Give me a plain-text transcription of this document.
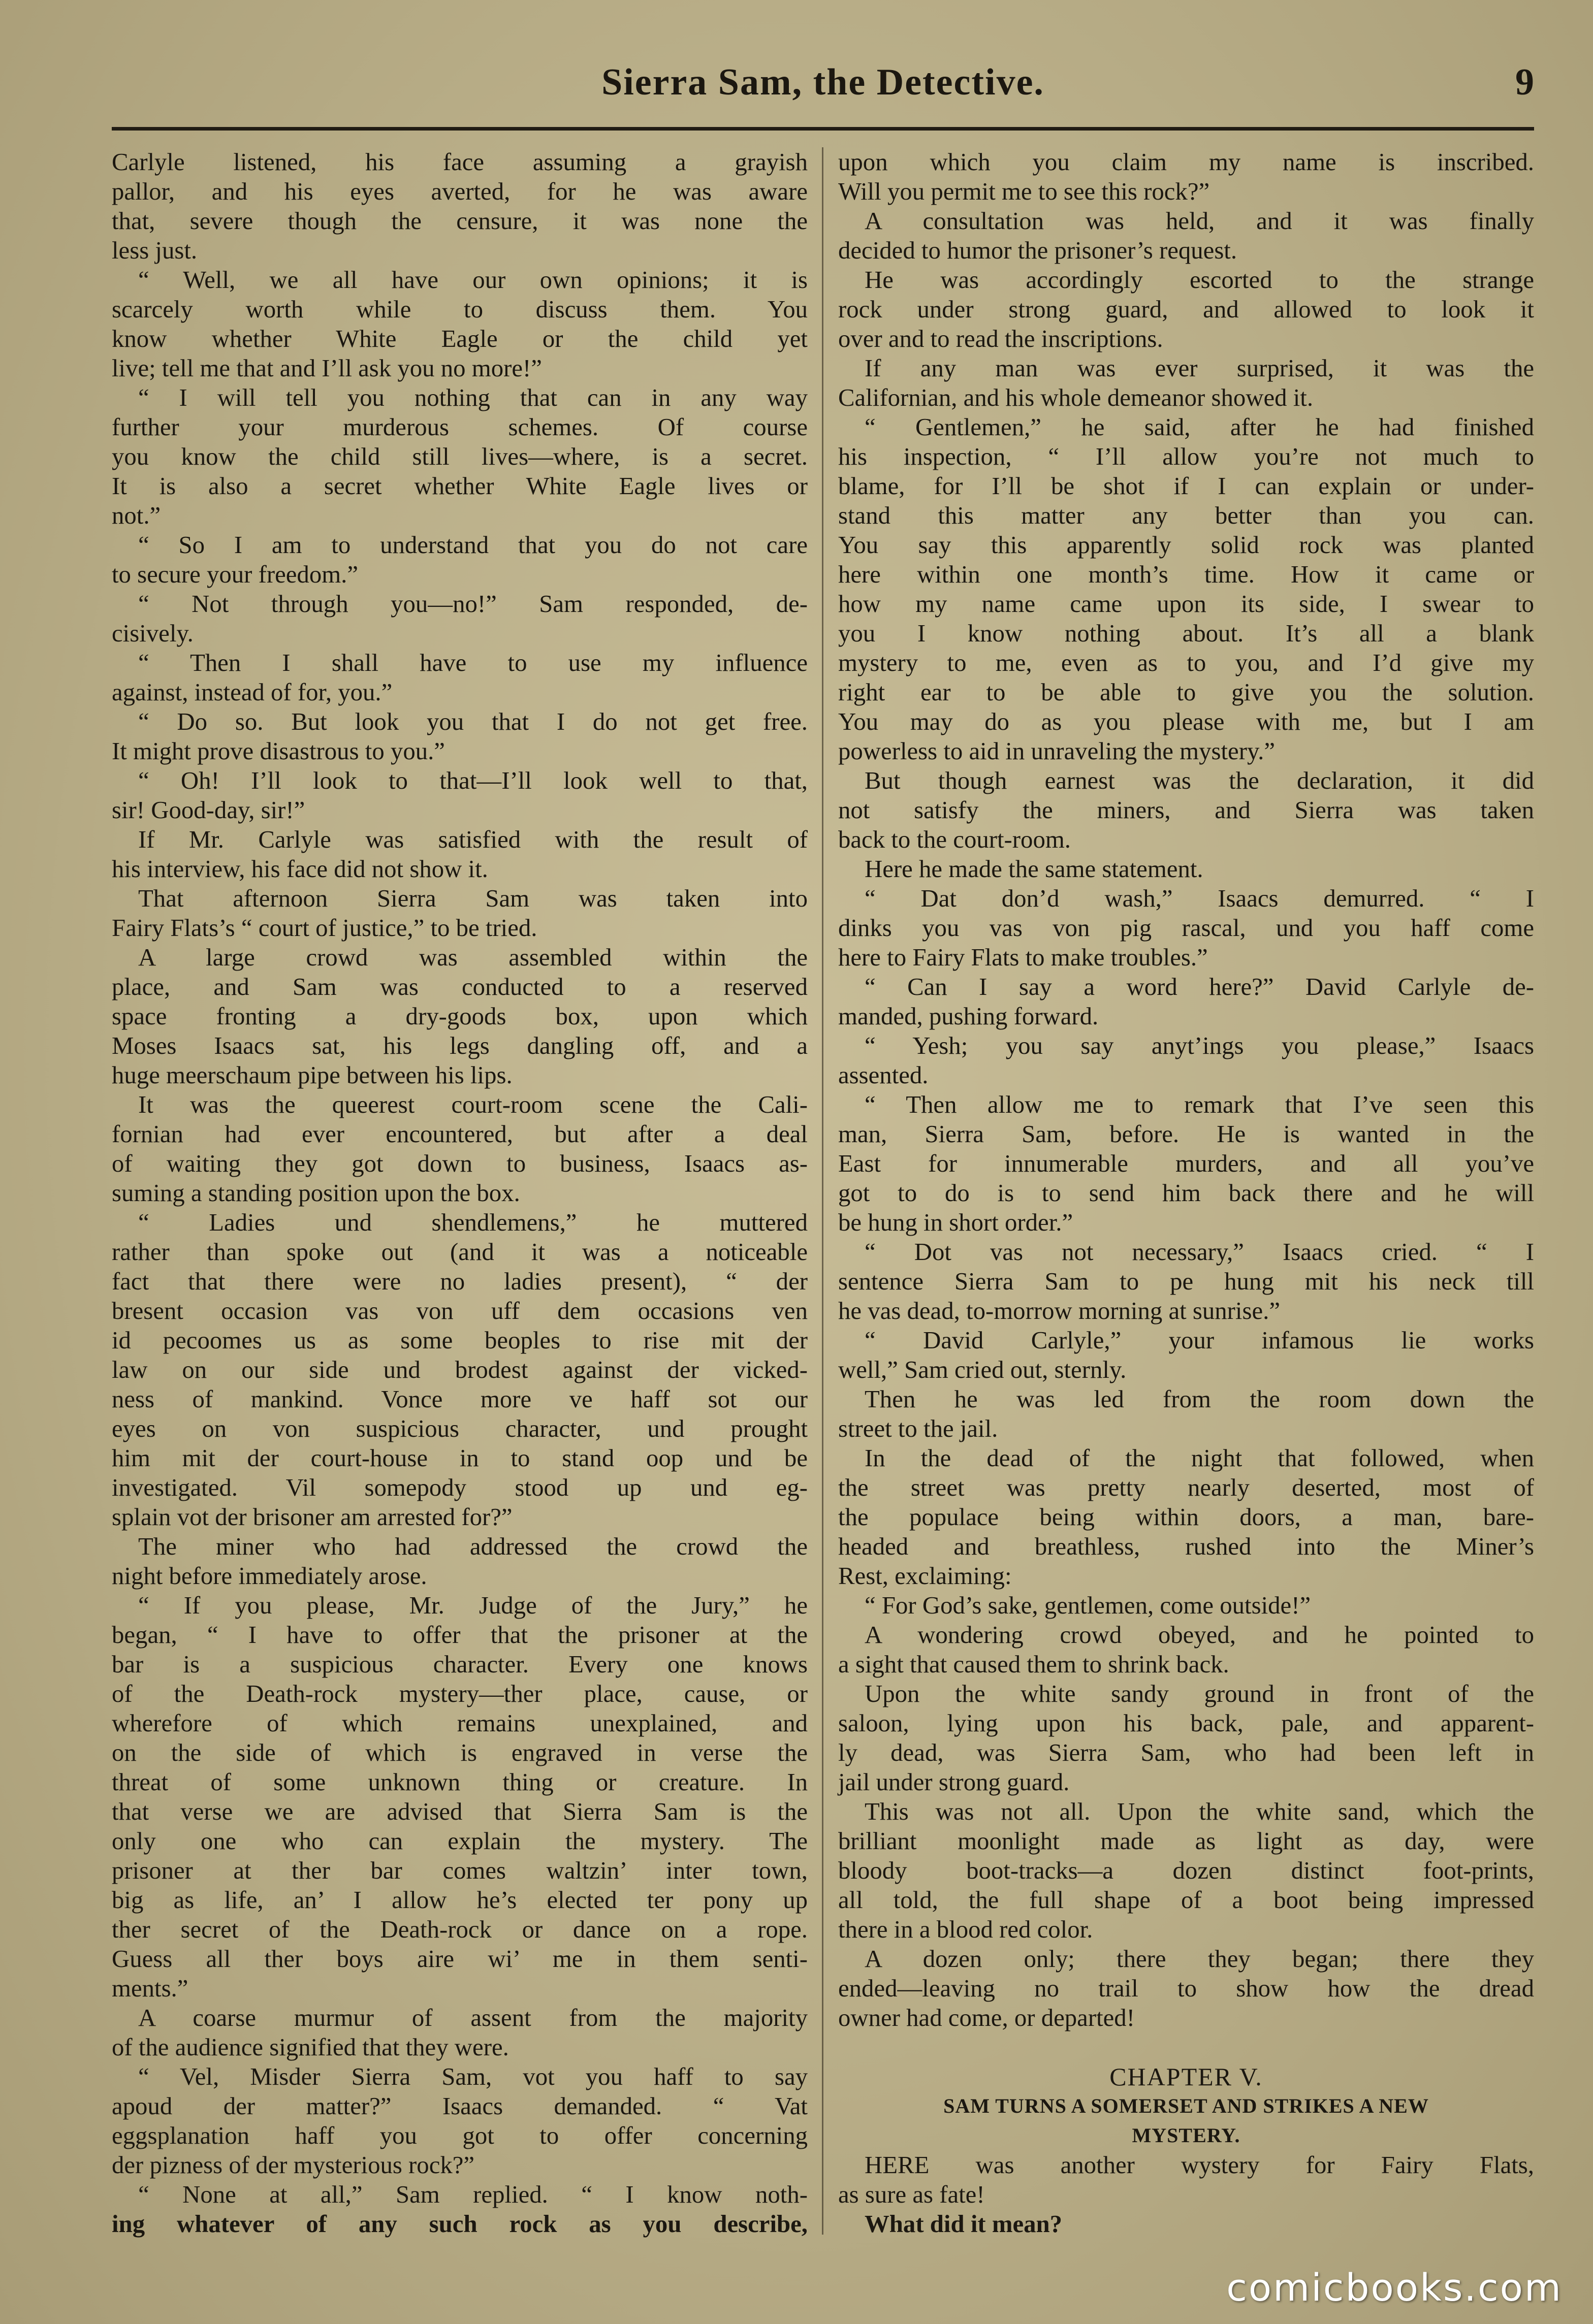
Sierra Sam, the Detective.	9
Carlyle listened, his face assuming a grayish
pallor, and his eyes averted, for he was aware
that, severe though the censure, it was none the
less just.
“ Well, we all have our own opinions; it is
scarcely worth while to discuss them. You
know whether White Eagle or the child yet
live; tell me that and I’ll ask you no more!”
“ I will tell you nothing that can in any way
further your murderous schemes. Of course
you know the child still lives—where, is a secret.
It is also a secret whether White Eagle lives or
not.”
“ So I am to understand that you do not care
to secure your freedom.”
“ Not through you—no!” Sam responded, de-
cisively.
“ Then I shall have to use my influence
against, instead of for, you.”
“ Do so. But look you that I do not get free.
It might prove disastrous to you.”
“ Oh! I’ll look to that—I’ll look well to that,
sir! Good-day, sir!”
If Mr. Carlyle was satisfied with the result of
his interview, his face did not show it.
That afternoon Sierra Sam was taken into
Fairy Flats’s “ court of justice,” to be tried.
A large crowd was assembled within the
place, and Sam was conducted to a reserved
space fronting a dry-goods box, upon which
Moses Isaacs sat, his legs dangling off, and a
huge meerschaum pipe between his lips.
It was the queerest court-room scene the Cali-
fornian had ever encountered, but after a deal
of waiting they got down to business, Isaacs as-
suming a standing position upon the box.
“ Ladies und shendlemens,” he muttered
rather than spoke out (and it was a noticeable
fact that there were no ladies present), “ der
bresent occasion vas von uff dem occasions ven
id pecoomes us as some beoples to rise mit der
law on our side und brodest against der vicked-
ness of mankind. Vonce more ve haff sot our
eyes on von suspicious character, und prought
him mit der court-house in to stand oop und be
investigated. Vil somepody stood up und eg-
splain vot der brisoner am arrested for?”
The miner who had addressed the crowd the
night before immediately arose.
“ If you please, Mr. Judge of the Jury,” he
began, “ I have to offer that the prisoner at the
bar is a suspicious character. Every one knows
of the Death-rock mystery—ther place, cause, or
wherefore of which remains unexplained, and
on the side of which is engraved in verse the
threat of some unknown thing or creature. In
that verse we are advised that Sierra Sam is the
only one who can explain the mystery. The
prisoner at ther bar comes waltzin’ inter town,
big as life, an’ I allow he’s elected ter pony up
ther secret of the Death-rock or dance on a rope.
Guess all ther boys aire wi’ me in them senti-
ments.”
A coarse murmur of assent from the majority
of the audience signified that they were.
“ Vel, Misder Sierra Sam, vot you haff to say
apoud der matter?” Isaacs demanded. “ Vat
eggsplanation haff you got to offer concerning
der pizness of der mysterious rock?”
“ None at all,” Sam replied. “ I know noth-
ing whatever of any such rock as you describe,
upon which you claim my name is inscribed.
Will you permit me to see this rock?”
A consultation was held, and it was finally
decided to humor the prisoner’s request.
He was accordingly escorted to the strange
rock under strong guard, and allowed to look it
over and to read the inscriptions.
If any man was ever surprised, it was the
Californian, and his whole demeanor showed it.
“ Gentlemen,” he said, after he had finished
his inspection, “ I’ll allow you’re not much to
blame, for I’ll be shot if I can explain or under-
stand this matter any better than you can.
You say this apparently solid rock was planted
here within one month’s time. How it came or
how my name came upon its side, I swear to
you I know nothing about. It’s all a blank
mystery to me, even as to you, and I’d give my
right ear to be able to give you the solution.
You may do as you please with me, but I am
powerless to aid in unraveling the mystery.”
But though earnest was the declaration, it did
not satisfy the miners, and Sierra was taken
back to the court-room.
Here he made the same statement.
“ Dat don’d wash,” Isaacs demurred. “ I
dinks you vas von pig rascal, und you haff come
here to Fairy Flats to make troubles.”
“ Can I say a word here?” David Carlyle de-
manded, pushing forward.
“ Yesh; you say anyt’ings you please,” Isaacs
assented.
“ Then allow me to remark that I’ve seen this
man, Sierra Sam, before. He is wanted in the
East for innumerable murders, and all you’ve
got to do is to send him back there and he will
be hung in short order.”
“ Dot vas not necessary,” Isaacs cried. “ I
sentence Sierra Sam to pe hung mit his neck till
he vas dead, to-morrow morning at sunrise.”
“ David Carlyle,” your infamous lie works
well,” Sam cried out, sternly.
Then he was led from the room down the
street to the jail.
In the dead of the night that followed, when
the street was pretty nearly deserted, most of
the populace being within doors, a man, bare-
headed and breathless, rushed into the Miner’s
Rest, exclaiming:
“ For God’s sake, gentlemen, come outside!”
A wondering crowd obeyed, and he pointed to
a sight that caused them to shrink back.
Upon the white sandy ground in front of the
saloon, lying upon his back, pale, and apparent-
ly dead, was Sierra Sam, who had been left in
jail under strong guard.
This was not all. Upon the white sand, which the
brilliant moonlight made as light as day, were
bloody boot-tracks—a dozen distinct foot-prints,
all told, the full shape of a boot being impressed
there in a blood red color.
A dozen only; there they began; there they
ended—leaving no trail to show how the dread
owner had come, or departed!
CHAPTER V.
SAM TURNS A SOMERSET AND STRIKES A NEW
MYSTERY.
HERE was another wystery for Fairy Flats,
as sure as fate!
What did it mean?
comicbooks.com
